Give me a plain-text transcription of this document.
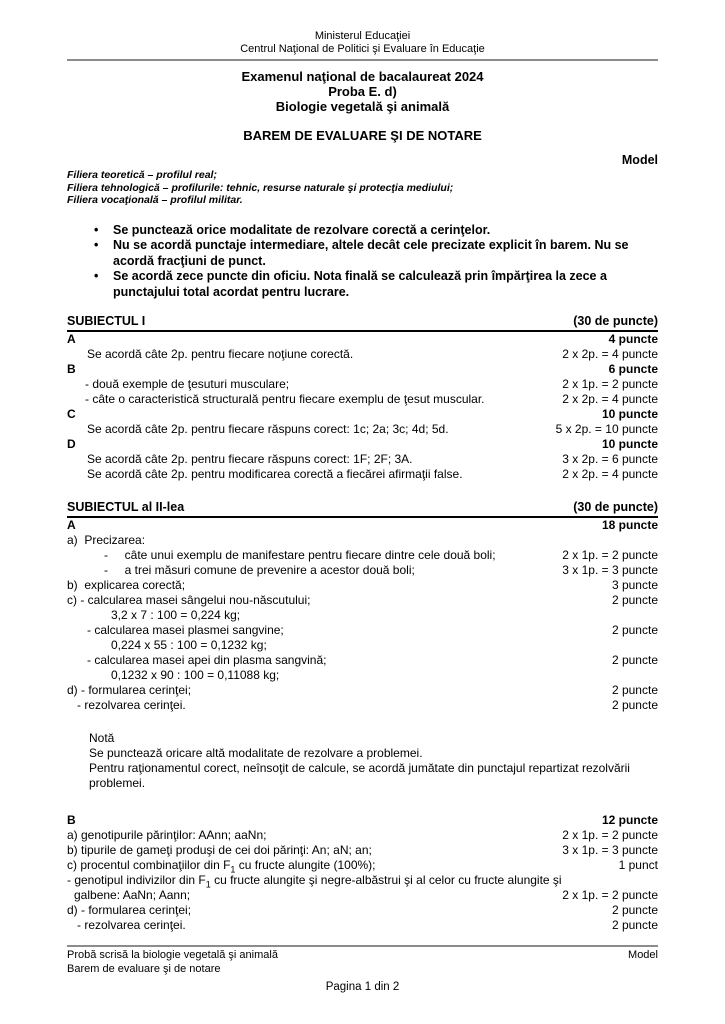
Ministerul Educaţiei
Centrul Naţional de Politici şi Evaluare în Educaţie
Examenul naţional de bacalaureat 2024
Proba E. d)
Biologie vegetală şi animală
BAREM DE EVALUARE ŞI DE NOTARE
Model
Filiera teoretică – profilul real;
Filiera tehnologică – profilurile: tehnic, resurse naturale şi protecţia mediului;
Filiera vocaţională – profilul militar.
•	Se punctează orice modalitate de rezolvare corectă a cerinţelor.
•	Nu se acordă punctaje intermediare, altele decât cele precizate explicit în barem. Nu se acordă fracţiuni de punct.
•	Se acordă zece puncte din oficiu. Nota finală se calculează prin împărţirea la zece a punctajului total acordat pentru lucrare.
SUBIECTUL I	(30 de puncte)
A	4 puncte
Se acordă câte 2p. pentru fiecare noţiune corectă.	2 x 2p. = 4 puncte
B	6 puncte
- două exemple de ţesuturi musculare;	2 x 1p. = 2 puncte
- câte o caracteristică structurală pentru fiecare exemplu de ţesut muscular.	2 x 2p. = 4 puncte
C	10 puncte
Se acordă câte 2p. pentru fiecare răspuns corect: 1c; 2a; 3c; 4d; 5d.	5 x 2p. = 10 puncte
D	10 puncte
Se acordă câte 2p. pentru fiecare răspuns corect: 1F; 2F; 3A.	3 x 2p. = 6 puncte
Se acordă câte 2p. pentru modificarea corectă a fiecărei afirmaţii false.	2 x 2p. = 4 puncte
SUBIECTUL al II-lea	(30 de puncte)
A	18 puncte
a)  Precizarea:
-     câte unui exemplu de manifestare pentru fiecare dintre cele două boli;	2 x 1p. = 2 puncte
-     a trei măsuri comune de prevenire a acestor două boli;	3 x 1p. = 3 puncte
b)  explicarea corectă;	3 puncte
c) - calcularea masei sângelui nou-născutului;	2 puncte
3,2 x 7 : 100 = 0,224 kg;
- calcularea masei plasmei sangvine;	2 puncte
0,224 x 55 : 100 = 0,1232 kg;
- calcularea masei apei din plasma sangvină;	2 puncte
0,1232 x 90 : 100 = 0,11088 kg;
d) - formularea cerinţei;	2 puncte
- rezolvarea cerinţei.	2 puncte
Notă
Se punctează oricare altă modalitate de rezolvare a problemei.
Pentru raţionamentul corect, neînsoţit de calcule, se acordă jumătate din punctajul repartizat rezolvării problemei.
B	12 puncte
a) genotipurile părinţilor: AAnn; aaNn;	2 x 1p. = 2 puncte
b) tipurile de gameţi produşi de cei doi părinţi: An; aN; an;	3 x 1p. = 3 puncte
c) procentul combinaţiilor din $F_1$ cu fructe alungite (100%);	1 punct
- genotipul indivizilor din $F_1$ cu fructe alungite şi negre-albăstrui şi al celor cu fructe alungite şi
galbene: AaNn; Aann;	2 x 1p. = 2 puncte
d) - formularea cerinţei;	2 puncte
- rezolvarea cerinţei.	2 puncte
Probă scrisă la biologie vegetală şi animală	Model
Barem de evaluare şi de notare
Pagina 1 din 2
